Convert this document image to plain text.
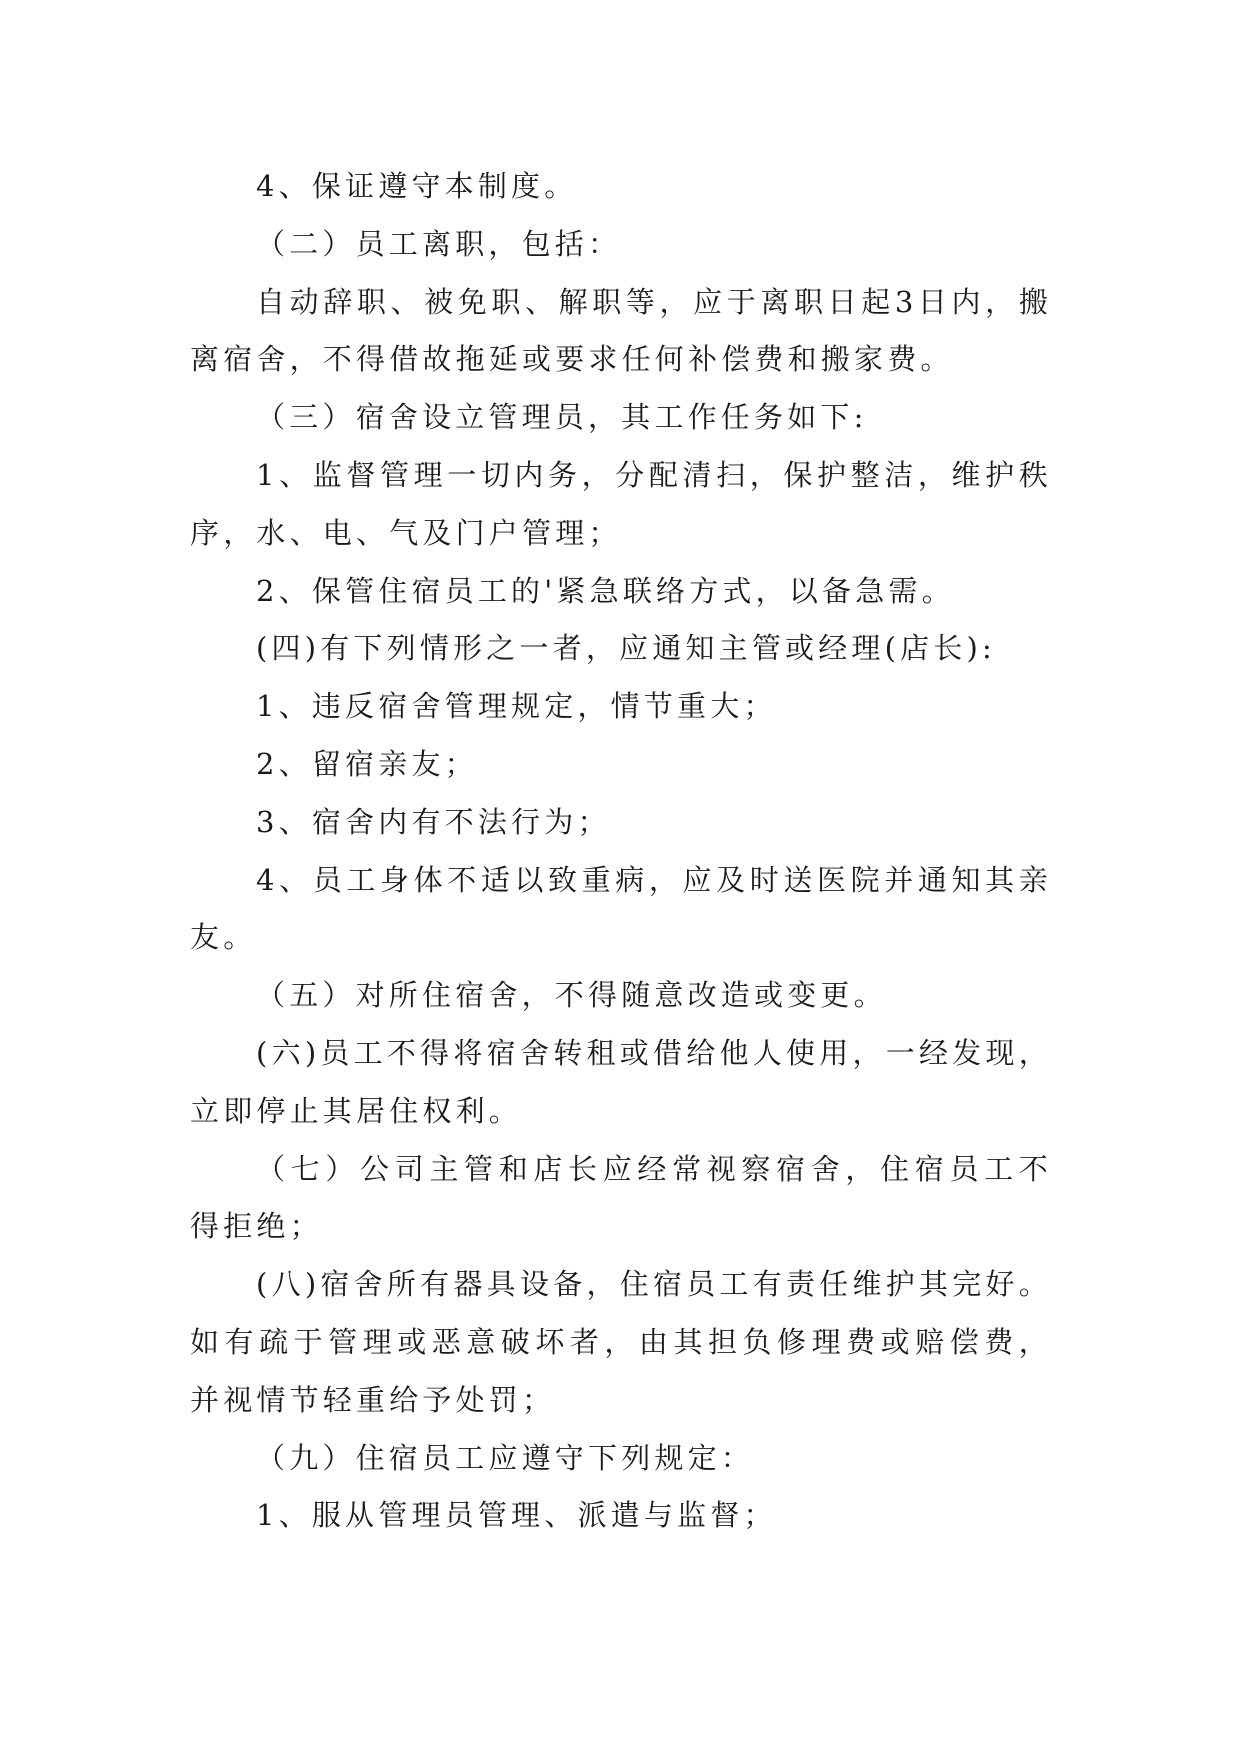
4、保证遵守本制度。

（二）员工离职，包括：

自动辞职、被免职、解职等，应于离职日起3日内，搬离宿舍，不得借故拖延或要求任何补偿费和搬家费。

（三）宿舍设立管理员，其工作任务如下:

1、监督管理一切内务，分配清扫，保护整洁，维护秩序，水、电、气及门户管理；

2、保管住宿员工的'紧急联络方式，以备急需。

(四)有下列情形之一者，应通知主管或经理(店长):

1、违反宿舍管理规定，情节重大；

2、留宿亲友；

3、宿舍内有不法行为；

4、员工身体不适以致重病，应及时送医院并通知其亲友。

（五）对所住宿舍，不得随意改造或变更。

(六)员工不得将宿舍转租或借给他人使用，一经发现，立即停止其居住权利。

（七）公司主管和店长应经常视察宿舍，住宿员工不得拒绝；

(八)宿舍所有器具设备，住宿员工有责任维护其完好。如有疏于管理或恶意破坏者，由其担负修理费或赔偿费，并视情节轻重给予处罚；

（九）住宿员工应遵守下列规定：

1、服从管理员管理、派遣与监督；
